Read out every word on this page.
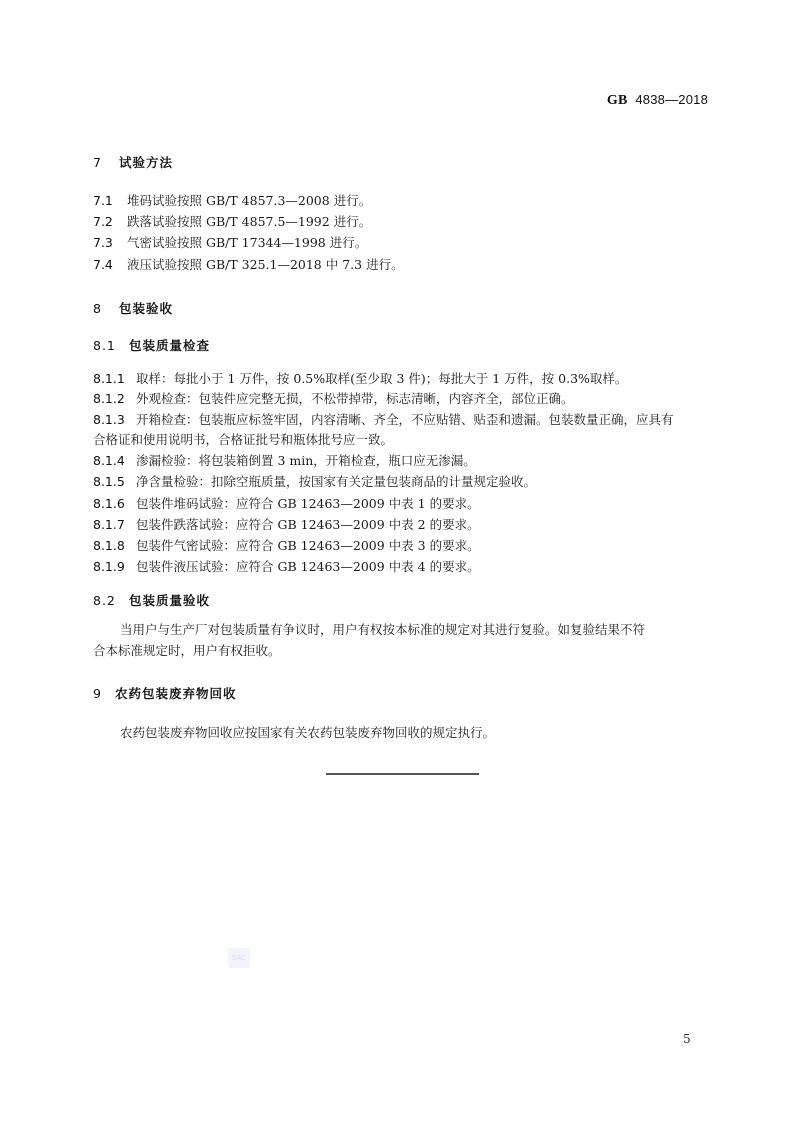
GB 4838—2018
7 试验方法
7.1 堆码试验按照 GB/T 4857.3—2008 进行。
7.2 跌落试验按照 GB/T 4857.5—1992 进行。
7.3 气密试验按照 GB/T 17344—1998 进行。
7.4 液压试验按照 GB/T 325.1—2018 中 7.3 进行。
8 包装验收
8.1 包装质量检查
8.1.1 取样：每批小于 1 万件，按 0.5%取样(至少取 3 件)；每批大于 1 万件，按 0.3%取样。
8.1.2 外观检查：包装件应完整无损，不松带掉带，标志清晰，内容齐全，部位正确。
8.1.3 开箱检查：包装瓶应标签牢固，内容清晰、齐全，不应贴错、贴歪和遗漏。包装数量正确，应具有
合格证和使用说明书，合格证批号和瓶体批号应一致。
8.1.4 渗漏检验：将包装箱倒置 3 min，开箱检查，瓶口应无渗漏。
8.1.5 净含量检验：扣除空瓶质量，按国家有关定量包装商品的计量规定验收。
8.1.6 包装件堆码试验：应符合 GB 12463—2009 中表 1 的要求。
8.1.7 包装件跌落试验：应符合 GB 12463—2009 中表 2 的要求。
8.1.8 包装件气密试验：应符合 GB 12463—2009 中表 3 的要求。
8.1.9 包装件液压试验：应符合 GB 12463—2009 中表 4 的要求。
8.2 包装质量验收
当用户与生产厂对包装质量有争议时，用户有权按本标准的规定对其进行复验。如复验结果不符
合本标准规定时，用户有权拒收。
9 农药包装废弃物回收
农药包装废弃物回收应按国家有关农药包装废弃物回收的规定执行。
SAC
5
